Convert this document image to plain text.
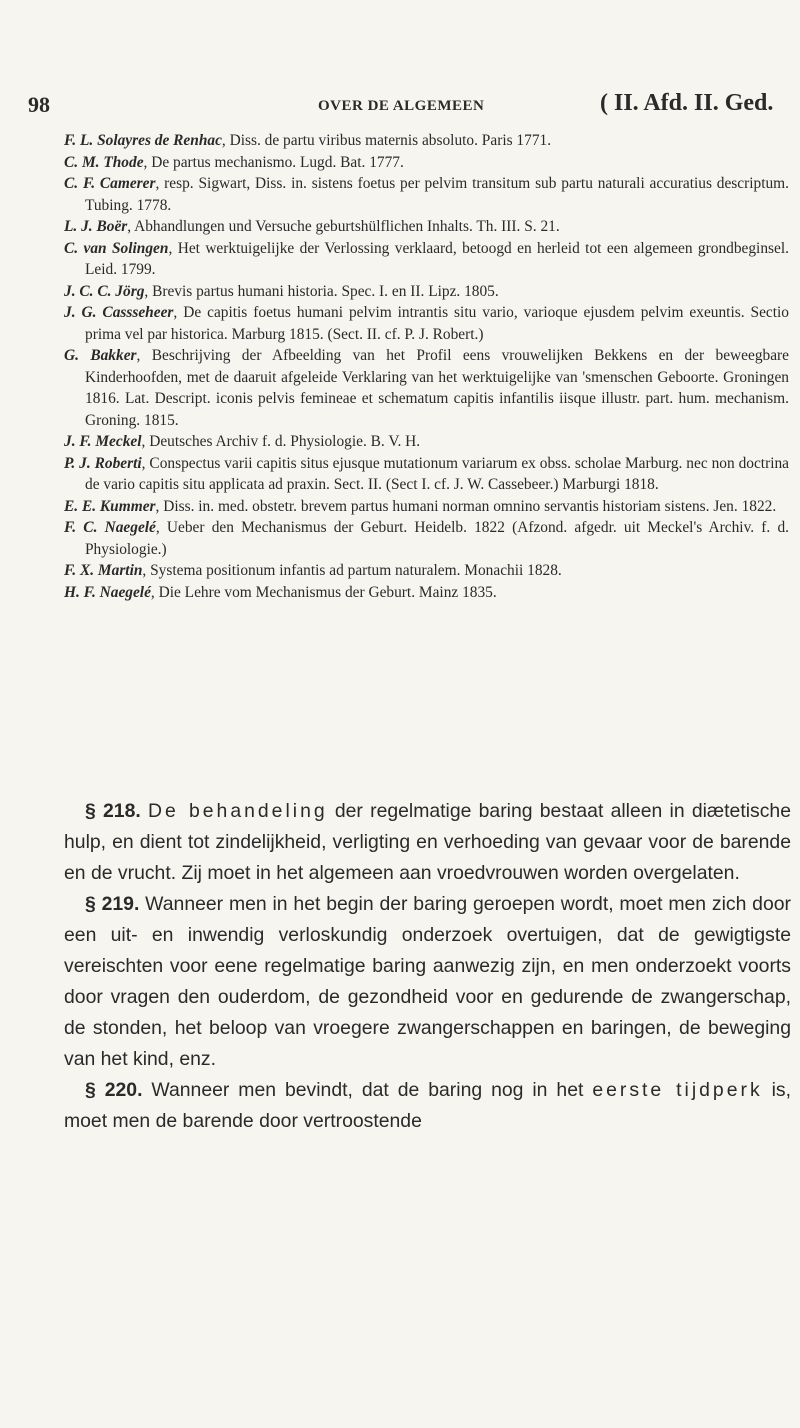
98	OVER DE ALGEMEEN	( II. Afd. II. Ged.

F. L. Solayres de Renhac, Diss. de partu viribus maternis absoluto. Paris 1771.

C. M. Thode, De partus mechanismo. Lugd. Bat. 1777.

C. F. Camerer, resp. Sigwart, Diss. in. sistens foetus per pelvim transitum sub partu naturali accuratius descriptum. Tubing. 1778.

L. J. Boër, Abhandlungen und Versuche geburtshülflichen Inhalts. Th. III. S. 21.

C. van Solingen, Het werktuigelijke der Verlossing verklaard, betoogd en herleid tot een algemeen grondbeginsel. Leid. 1799.

J. C. C. Jörg, Brevis partus humani historia. Spec. I. en II. Lipz. 1805.

J. G. Cassseheer, De capitis foetus humani pelvim intrantis situ vario, varioque ejusdem pelvim exeuntis. Sectio prima vel par historica. Marburg 1815. (Sect. II. cf. P. J. Robert.)

G. Bakker, Beschrijving der Afbeelding van het Profil eens vrouwelijken Bekkens en der beweegbare Kinderhoofden, met de daaruit afgeleide Verklaring van het werktuigelijke van 'smenschen Geboorte. Groningen 1816. Lat. Descript. iconis pelvis femineae et schematum capitis infantilis iisque illustr. part. hum. mechanism. Groning. 1815.

J. F. Meckel, Deutsches Archiv f. d. Physiologie. B. V. H.

P. J. Roberti, Conspectus varii capitis situs ejusque mutationum variarum ex obss. scholae Marburg. nec non doctrina de vario capitis situ applicata ad praxin. Sect. II. (Sect I. cf. J. W. Cassebeer.) Marburgi 1818.

E. E. Kummer, Diss. in. med. obstetr. brevem partus humani norman omnino servantis historiam sistens. Jen. 1822.

F. C. Naegelé, Ueber den Mechanismus der Geburt. Heidelb. 1822 (Afzond. afgedr. uit Meckel's Archiv. f. d. Physiologie.)

F. X. Martin, Systema positionum infantis ad partum naturalem. Monachii 1828.

H. F. Naegelé, Die Lehre vom Mechanismus der Geburt. Mainz 1835.

§ 218. De behandeling der regelmatige baring bestaat alleen in diætetische hulp, en dient tot zindelijkheid, verligting en verhoeding van gevaar voor de barende en de vrucht. Zij moet in het algemeen aan vroedvrouwen worden overgelaten.

§ 219. Wanneer men in het begin der baring geroepen wordt, moet men zich door een uit- en inwendig verloskundig onderzoek overtuigen, dat de gewigtigste vereischten voor eene regelmatige baring aanwezig zijn, en men onderzoekt voorts door vragen den ouderdom, de gezondheid voor en gedurende de zwangerschap, de stonden, het beloop van vroegere zwangerschappen en baringen, de beweging van het kind, enz.

§ 220. Wanneer men bevindt, dat de baring nog in het eerste tijdperk is, moet men de barende door vertroostende
